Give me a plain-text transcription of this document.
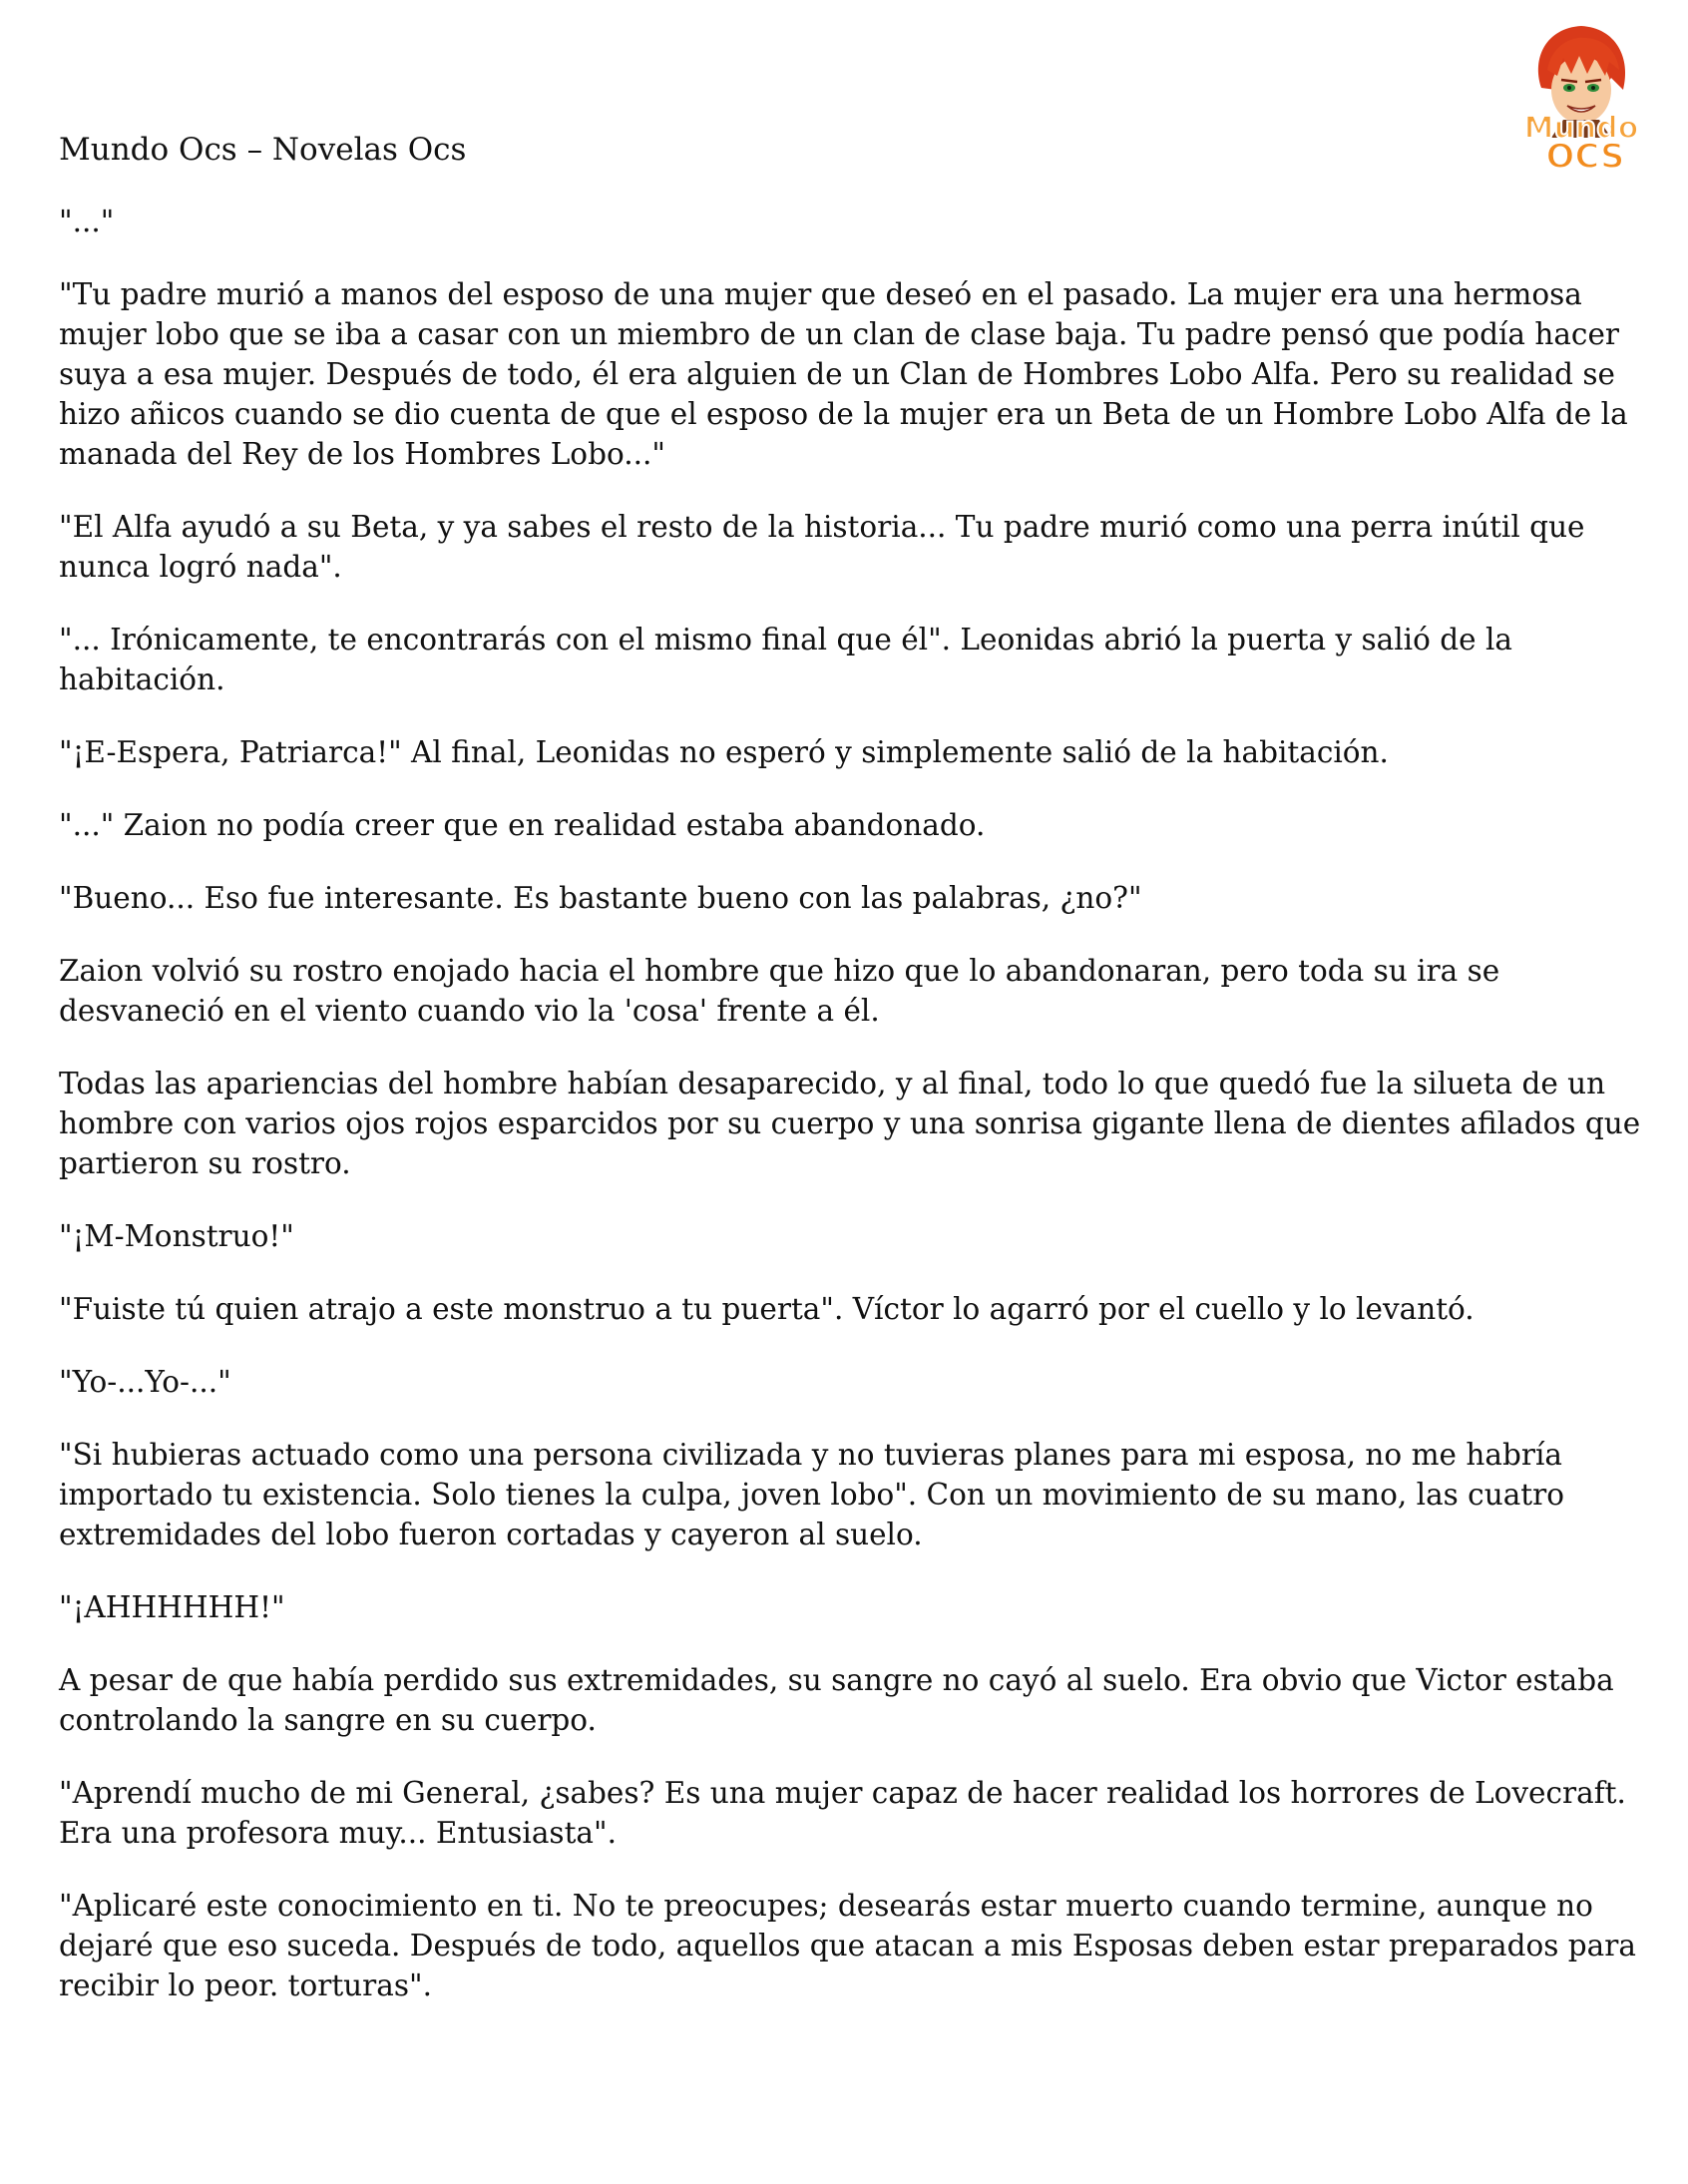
Mundo Ocs – Novelas Ocs
Mundo
OCS

"..."

"Tu padre murió a manos del esposo de una mujer que deseó en el pasado. La mujer era una hermosa mujer lobo que se iba a casar con un miembro de un clan de clase baja. Tu padre pensó que podía hacer suya a esa mujer. Después de todo, él era alguien de un Clan de Hombres Lobo Alfa. Pero su realidad se hizo añicos cuando se dio cuenta de que el esposo de la mujer era un Beta de un Hombre Lobo Alfa de la manada del Rey de los Hombres Lobo..."

"El Alfa ayudó a su Beta, y ya sabes el resto de la historia... Tu padre murió como una perra inútil que nunca logró nada".

"... Irónicamente, te encontrarás con el mismo final que él". Leonidas abrió la puerta y salió de la habitación.

"¡E-Espera, Patriarca!" Al final, Leonidas no esperó y simplemente salió de la habitación.

"..." Zaion no podía creer que en realidad estaba abandonado.

"Bueno... Eso fue interesante. Es bastante bueno con las palabras, ¿no?"

Zaion volvió su rostro enojado hacia el hombre que hizo que lo abandonaran, pero toda su ira se desvaneció en el viento cuando vio la 'cosa' frente a él.

Todas las apariencias del hombre habían desaparecido, y al final, todo lo que quedó fue la silueta de un hombre con varios ojos rojos esparcidos por su cuerpo y una sonrisa gigante llena de dientes afilados que partieron su rostro.

"¡M-Monstruo!"

"Fuiste tú quien atrajo a este monstruo a tu puerta". Víctor lo agarró por el cuello y lo levantó.

"Yo-...Yo-..."

"Si hubieras actuado como una persona civilizada y no tuvieras planes para mi esposa, no me habría importado tu existencia. Solo tienes la culpa, joven lobo". Con un movimiento de su mano, las cuatro extremidades del lobo fueron cortadas y cayeron al suelo.

"¡AHHHHHH!"

A pesar de que había perdido sus extremidades, su sangre no cayó al suelo. Era obvio que Victor estaba controlando la sangre en su cuerpo.

"Aprendí mucho de mi General, ¿sabes? Es una mujer capaz de hacer realidad los horrores de Lovecraft. Era una profesora muy... Entusiasta".

"Aplicaré este conocimiento en ti. No te preocupes; desearás estar muerto cuando termine, aunque no dejaré que eso suceda. Después de todo, aquellos que atacan a mis Esposas deben estar preparados para recibir lo peor. torturas".
